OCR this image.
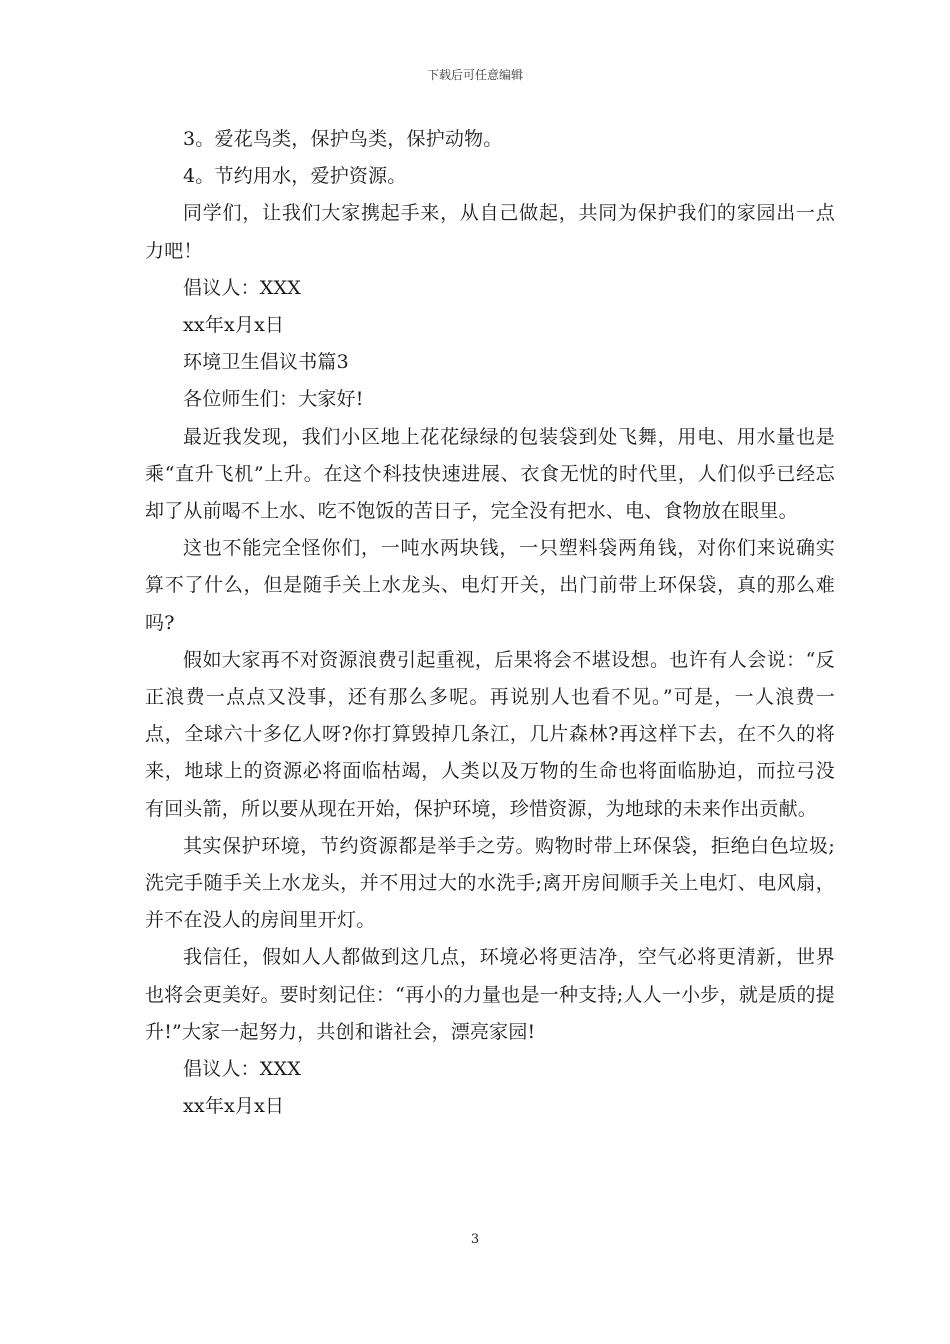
下载后可任意编辑

3。爱花鸟类，保护鸟类，保护动物。

4。节约用水，爱护资源。

同学们，让我们大家携起手来，从自己做起，共同为保护我们的家园出一点力吧！

倡议人：XXX

xx年x月x日

环境卫生倡议书篇3

各位师生们：大家好!

最近我发现，我们小区地上花花绿绿的包装袋到处飞舞，用电、用水量也是乘“直升飞机”上升。在这个科技快速进展、衣食无忧的时代里，人们似乎已经忘却了从前喝不上水、吃不饱饭的苦日子，完全没有把水、电、食物放在眼里。

这也不能完全怪你们，一吨水两块钱，一只塑料袋两角钱，对你们来说确实算不了什么，但是随手关上水龙头、电灯开关，出门前带上环保袋，真的那么难吗?

假如大家再不对资源浪费引起重视，后果将会不堪设想。也许有人会说：“反正浪费一点点又没事，还有那么多呢。再说别人也看不见。”可是，一人浪费一点，全球六十多亿人呀?你打算毁掉几条江，几片森林?再这样下去，在不久的将来，地球上的资源必将面临枯竭，人类以及万物的生命也将面临胁迫，而拉弓没有回头箭，所以要从现在开始，保护环境，珍惜资源，为地球的未来作出贡献。

其实保护环境，节约资源都是举手之劳。购物时带上环保袋，拒绝白色垃圾;洗完手随手关上水龙头，并不用过大的水洗手;离开房间顺手关上电灯、电风扇，并不在没人的房间里开灯。

我信任，假如人人都做到这几点，环境必将更洁净，空气必将更清新，世界也将会更美好。要时刻记住：“再小的力量也是一种支持;人人一小步，就是质的提升!”大家一起努力，共创和谐社会，漂亮家园!

倡议人：XXX

xx年x月x日

3
